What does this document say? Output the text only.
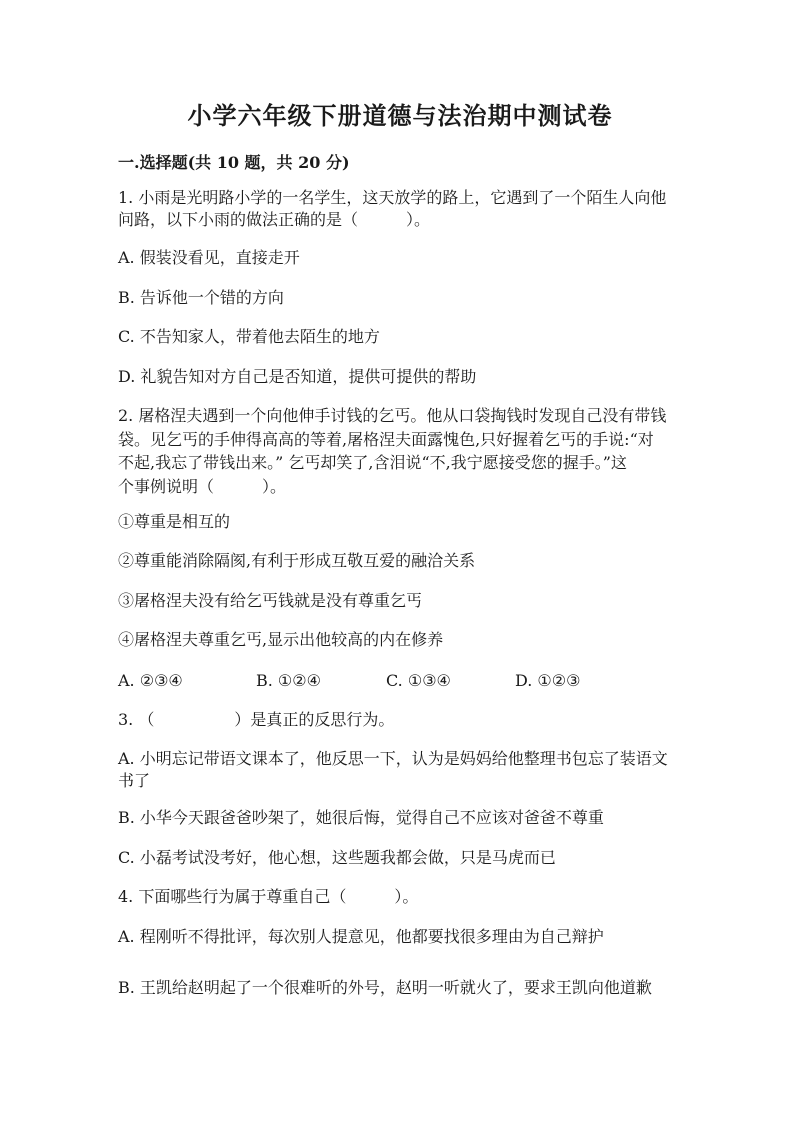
小学六年级下册道德与法治期中测试卷
一.选择题(共 10 题，共 20 分)
1. 小雨是光明路小学的一名学生，这天放学的路上，它遇到了一个陌生人向他
问路，以下小雨的做法正确的是（　　　）。
A. 假装没看见，直接走开
B. 告诉他一个错的方向
C. 不告知家人，带着他去陌生的地方
D. 礼貌告知对方自己是否知道，提供可提供的帮助
2. 屠格涅夫遇到一个向他伸手讨钱的乞丐。他从口袋掏钱时发现自己没有带钱
袋。见乞丐的手伸得高高的等着,屠格涅夫面露愧色,只好握着乞丐的手说:“对
不起,我忘了带钱出来。” 乞丐却笑了,含泪说“不,我宁愿接受您的握手。”这
个事例说明（　　　）。
①尊重是相互的
②尊重能消除隔阂,有利于形成互敬互爱的融洽关系
③屠格涅夫没有给乞丐钱就是没有尊重乞丐
④屠格涅夫尊重乞丐,显示出他较高的内在修养
A. ②③④	B. ①②④	C. ①③④	D. ①②③
3. （　　　　　）是真正的反思行为。
A. 小明忘记带语文课本了，他反思一下，认为是妈妈给他整理书包忘了装语文
书了
B. 小华今天跟爸爸吵架了，她很后悔，觉得自己不应该对爸爸不尊重
C. 小磊考试没考好，他心想，这些题我都会做，只是马虎而已
4. 下面哪些行为属于尊重自己（　　　）。
A. 程刚听不得批评，每次别人提意见，他都要找很多理由为自己辩护
B. 王凯给赵明起了一个很难听的外号，赵明一听就火了，要求王凯向他道歉
